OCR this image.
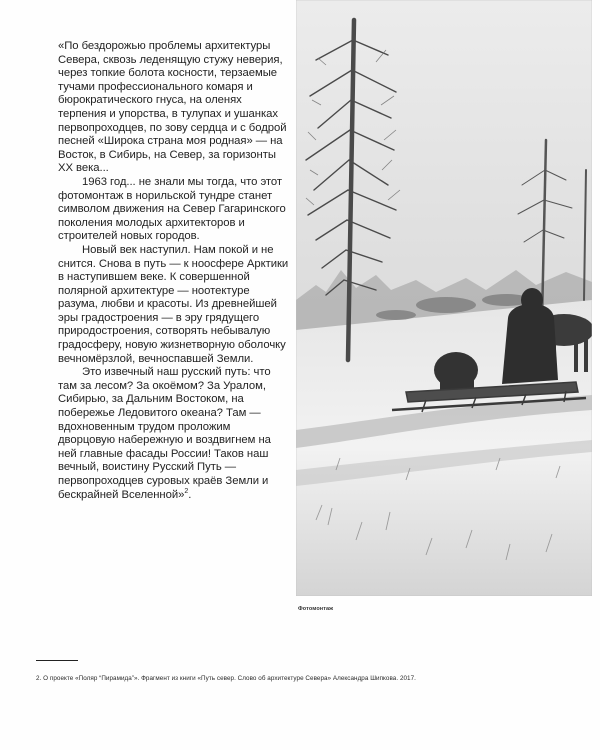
«По бездорожью проблемы архитектуры Севера, сквозь леденящую стужу неверия, через топкие болота косности, терзаемые тучами профессионального комаря и бюрократического гнуса, на оленях терпения и упорства, в тулупах и ушанках первопроходцев, по зову сердца и с бодрой песней «Широка страна моя родная» — на Восток, в Сибирь, на Север, за горизонты XX века...

1963 год... не знали мы тогда, что этот фотомонтаж в норильской тундре станет символом движения на Север Гагаринского поколения молодых архитекторов и строителей новых городов.

Новый век наступил. Нам покой и не снится. Снова в путь — к ноосфере Арктики в наступившем веке. К совершенной полярной архитектуре — ноотектуре разума, любви и красоты. Из древнейшей эры градостроения — в эру грядущего природостроения, сотворять небывалую градосферу, новую жизнетворную оболочку вечномёрзлой, вечноспавшей Земли.

Это извечный наш русский путь: что там за лесом? За окоёмом? За Уралом, Сибирью, за Дальним Востоком, на побережье Ледовитого океана? Там — вдохновенным трудом проложим дворцовую набережную и воздвигнем на ней главные фасады России! Таков наш вечный, воистину Русский Путь — первопроходцев суровых краёв Земли и бескрайней Вселенной»$^2$.

Фотомонтаж
2. О проекте «Поляр “Пирамида”». Фрагмент из книги «Путь север. Слово об архитектуре Севера» Александра Шипкова. 2017.
